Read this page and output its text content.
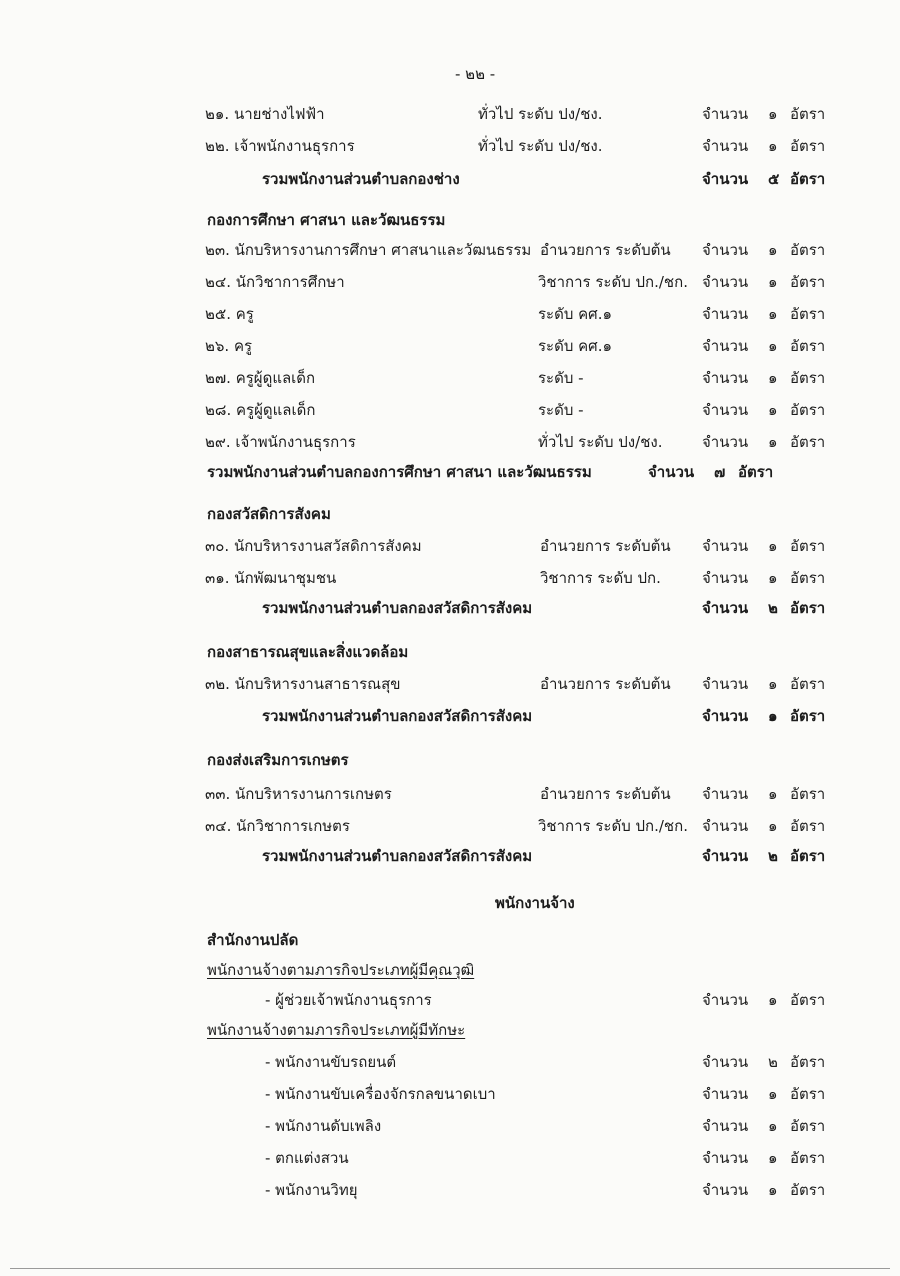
- ๒๒ -
๒๑. นายช่างไฟฟ้า	ทั่วไป ระดับ ปง/ชง.	จำนวน ๑ อัตรา
๒๒. เจ้าพนักงานธุรการ	ทั่วไป ระดับ ปง/ชง.	จำนวน ๑ อัตรา
รวมพนักงานส่วนตำบลกองช่าง	จำนวน ๕ อัตรา
กองการศึกษา ศาสนา และวัฒนธรรม
๒๓. นักบริหารงานการศึกษา ศาสนาและวัฒนธรรม อำนวยการ ระดับต้น จำนวน ๑ อัตรา
๒๔. นักวิชาการศึกษา	วิชาการ ระดับ ปก./ชก. จำนวน ๑ อัตรา
๒๕. ครู	ระดับ คศ.๑	จำนวน ๑ อัตรา
๒๖. ครู	ระดับ คศ.๑	จำนวน ๑ อัตรา
๒๗. ครูผู้ดูแลเด็ก	ระดับ -	จำนวน ๑ อัตรา
๒๘. ครูผู้ดูแลเด็ก	ระดับ -	จำนวน ๑ อัตรา
๒๙. เจ้าพนักงานธุรการ	ทั่วไป ระดับ ปง/ชง.	จำนวน ๑ อัตรา
รวมพนักงานส่วนตำบลกองการศึกษา ศาสนา และวัฒนธรรม	จำนวน ๗ อัตรา
กองสวัสดิการสังคม
๓๐. นักบริหารงานสวัสดิการสังคม	อำนวยการ ระดับต้น จำนวน ๑ อัตรา
๓๑. นักพัฒนาชุมชน	วิชาการ ระดับ ปก.	จำนวน ๑ อัตรา
รวมพนักงานส่วนตำบลกองสวัสดิการสังคม	จำนวน ๒ อัตรา
กองสาธารณสุขและสิ่งแวดล้อม
๓๒. นักบริหารงานสาธารณสุข	อำนวยการ ระดับต้น จำนวน ๑ อัตรา
รวมพนักงานส่วนตำบลกองสวัสดิการสังคม	จำนวน ๑ อัตรา
กองส่งเสริมการเกษตร
๓๓. นักบริหารงานการเกษตร	อำนวยการ ระดับต้น จำนวน ๑ อัตรา
๓๔. นักวิชาการเกษตร	วิชาการ ระดับ ปก./ชก. จำนวน ๑ อัตรา
รวมพนักงานส่วนตำบลกองสวัสดิการสังคม	จำนวน ๒ อัตรา
พนักงานจ้าง
สำนักงานปลัด
พนักงานจ้างตามภารกิจประเภทผู้มีคุณวุฒิ
- ผู้ช่วยเจ้าพนักงานธุรการ	จำนวน ๑ อัตรา
พนักงานจ้างตามภารกิจประเภทผู้มีทักษะ
- พนักงานขับรถยนต์	จำนวน ๒ อัตรา
- พนักงานขับเครื่องจักรกลขนาดเบา	จำนวน ๑ อัตรา
- พนักงานดับเพลิง	จำนวน ๑ อัตรา
- ตกแต่งสวน	จำนวน ๑ อัตรา
- พนักงานวิทยุ	จำนวน ๑ อัตรา
